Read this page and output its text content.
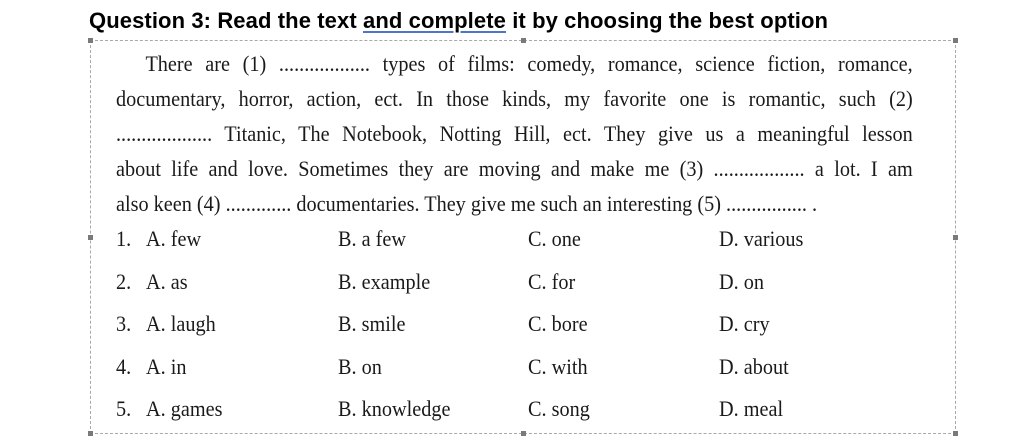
Question 3: Read the text and complete it by choosing the best option
There are (1) .................. types of films: comedy, romance, science fiction, romance,
documentary, horror, action, ect. In those kinds, my favorite one is romantic, such (2)
................... Titanic, The Notebook, Notting Hill, ect. They give us a meaningful lesson
about life and love. Sometimes they are moving and make me (3) .................. a lot. I am
also keen (4) ............. documentaries. They give me such an interesting (5) ................ .
1. A. few	B. a few	C. one	D. various
2. A. as	B. example	C. for	D. on
3. A. laugh	B. smile	C. bore	D. cry
4. A. in	B. on	C. with	D. about
5. A. games	B. knowledge	C. song	D. meal
